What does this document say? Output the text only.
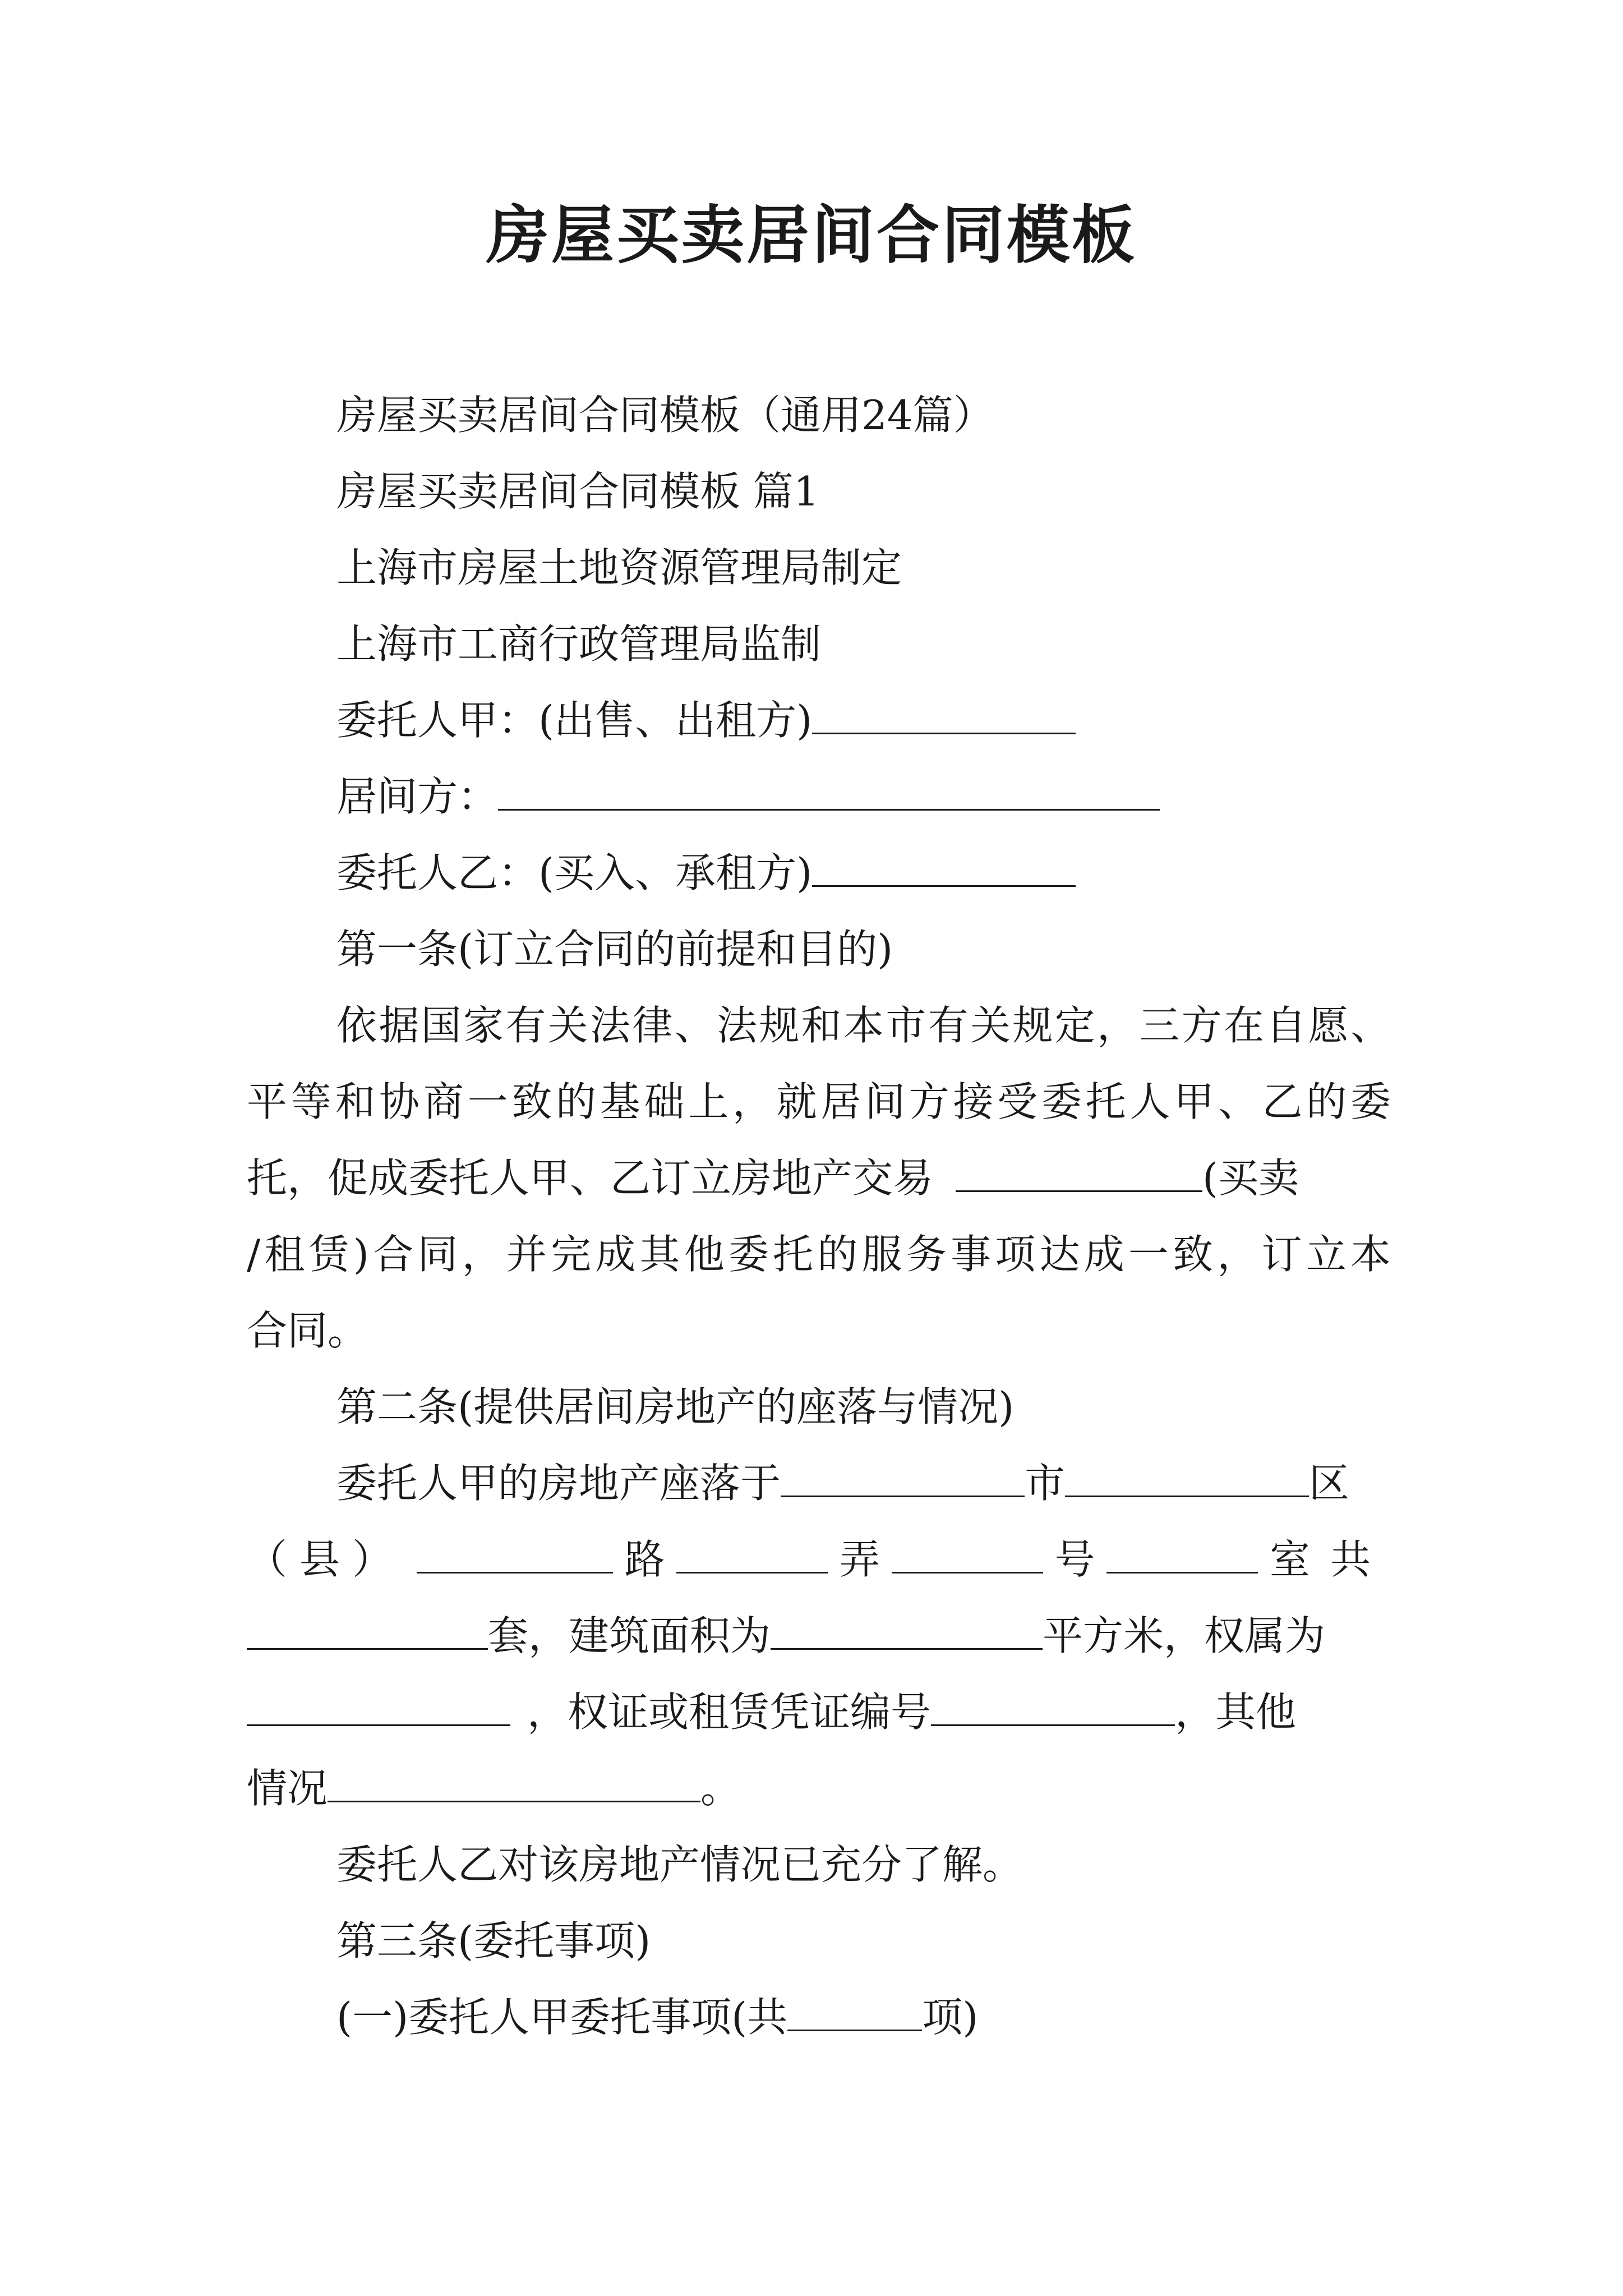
房屋买卖居间合同模板
房屋买卖居间合同模板（通用24篇）
房屋买卖居间合同模板 篇1
上海市房屋土地资源管理局制定
上海市工商行政管理局监制
委托人甲：(出售、出租方)
居间方：
委托人乙：(买入、承租方)
第一条(订立合同的前提和目的)
依据国家有关法律、法规和本市有关规定，三方在自愿、
平等和协商一致的基础上，就居间方接受委托人甲、乙的委
托，促成委托人甲、乙订立房地产交易	(买卖
/租赁)合同，并完成其他委托的服务事项达成一致，订立本
合同。
第二条(提供居间房地产的座落与情况)
委托人甲的房地产座落于	市	区
（县）	路	弄	号	室共
套，建筑面积为	平方米，权属为
，权证或租赁凭证编号	，其他
情况	。
委托人乙对该房地产情况已充分了解。
第三条(委托事项)
(一)委托人甲委托事项(共	项)
